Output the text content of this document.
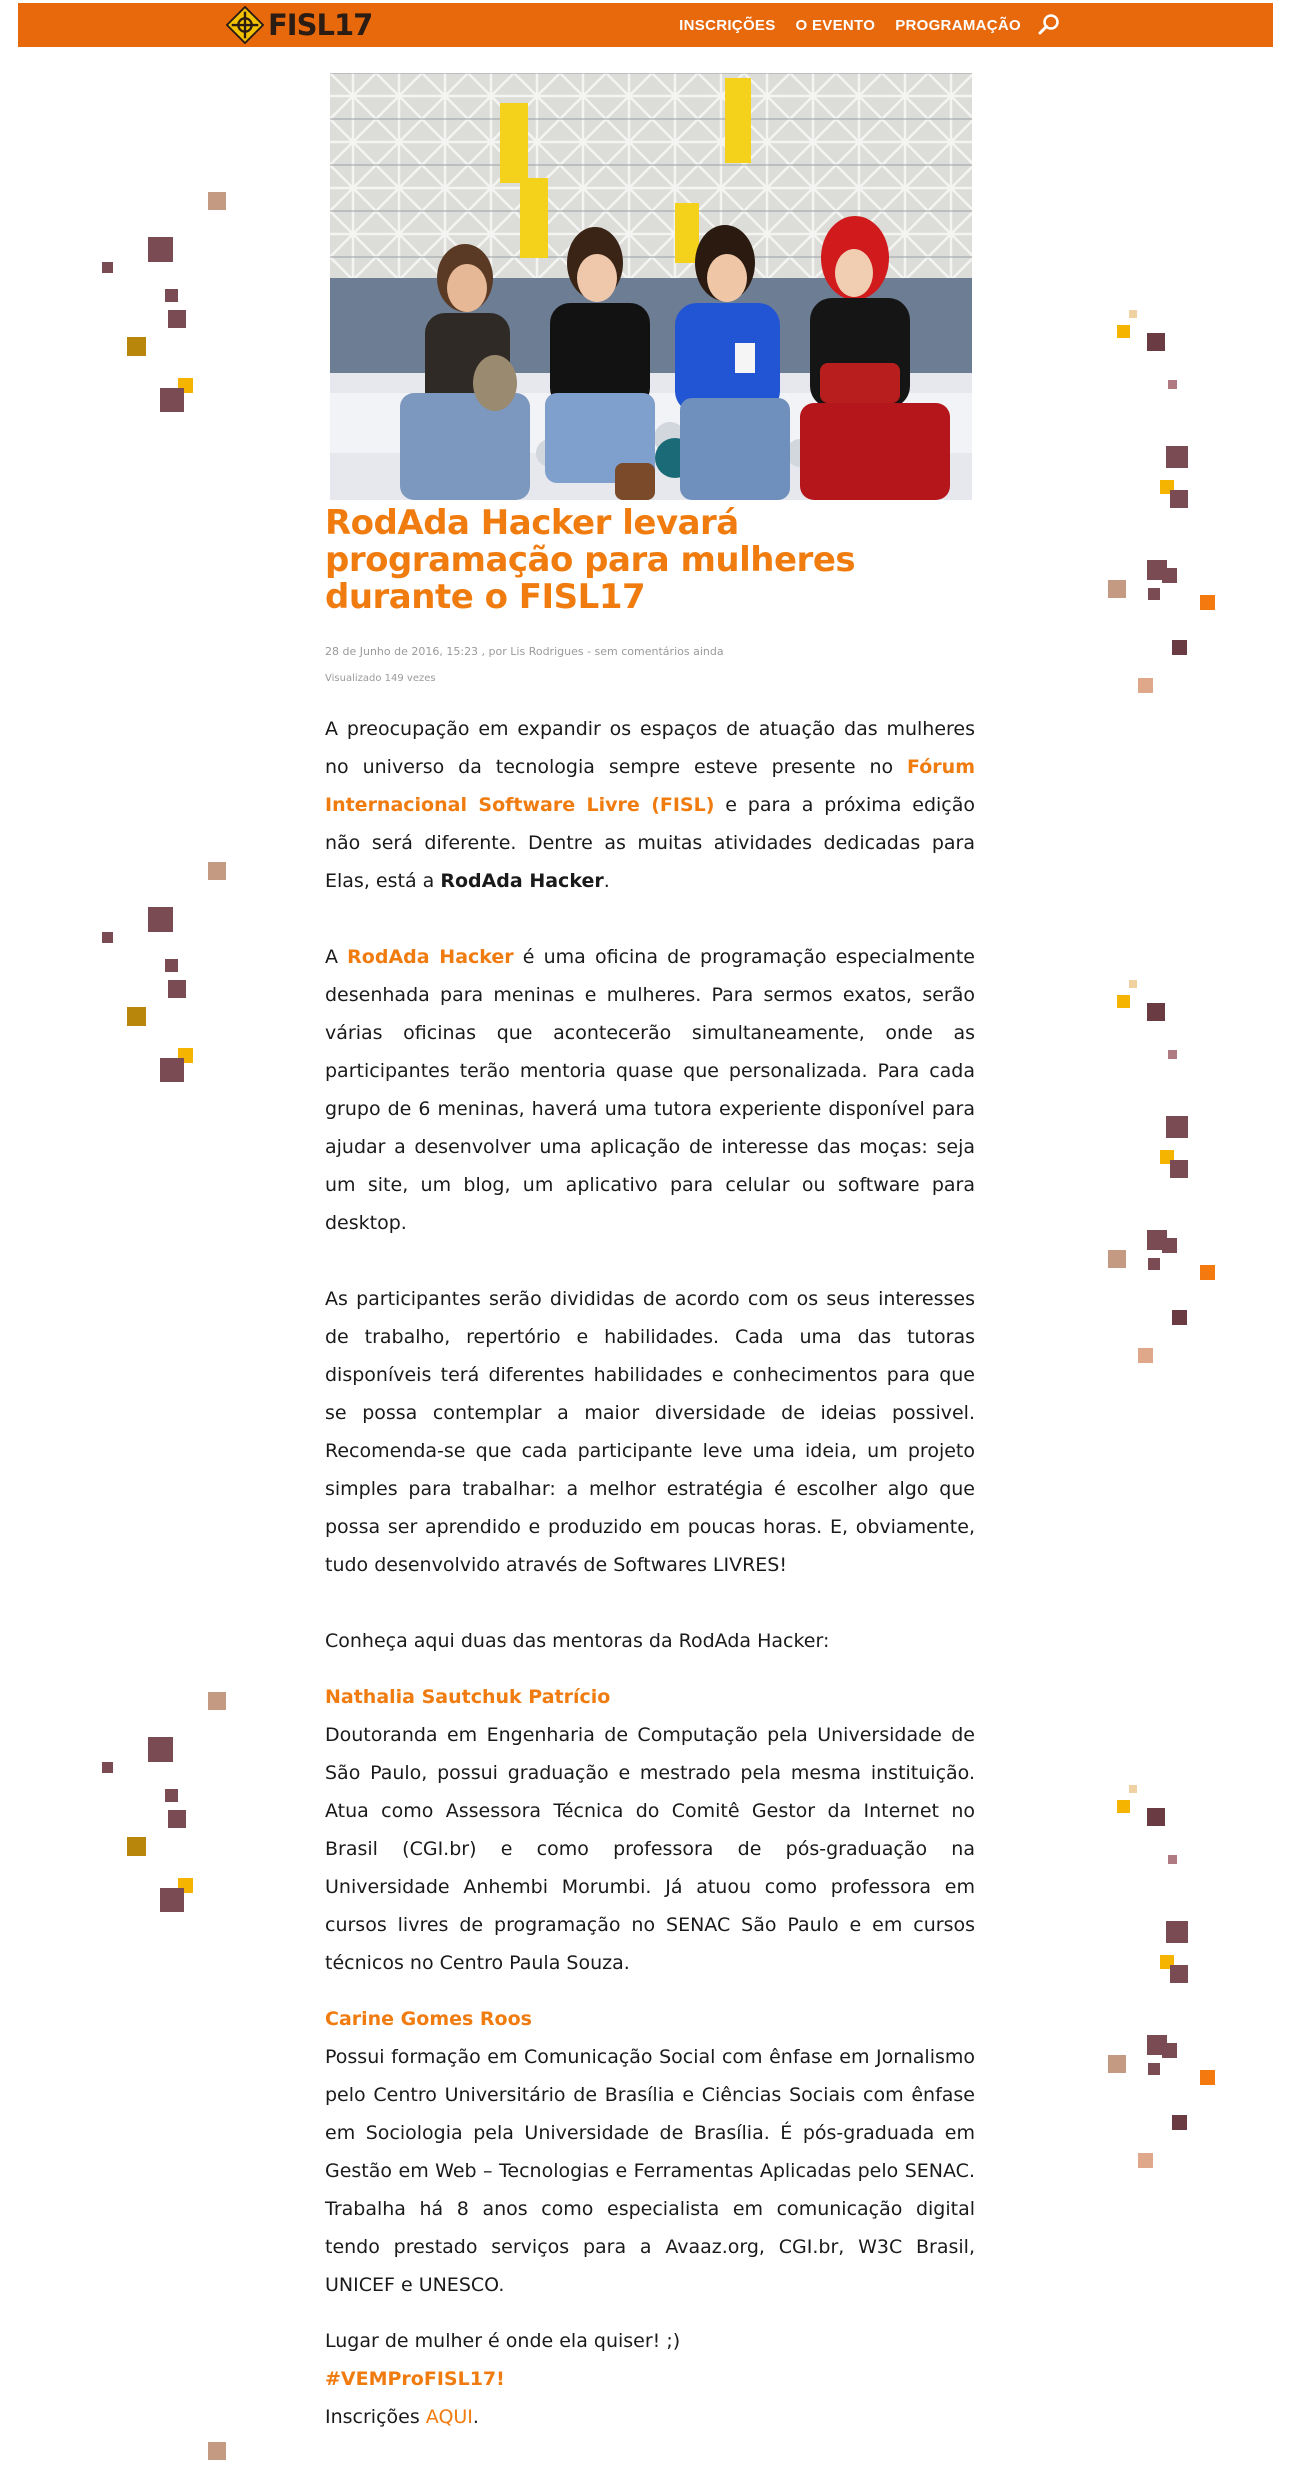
FISL17	INSCRIÇÕES O EVENTO PROGRAMAÇÃO
RodAda Hacker levará
programação para mulheres
durante o FISL17
28 de Junho de 2016, 15:23 , por Lis Rodrigues - sem comentários ainda
Visualizado 149 vezes

A preocupação em expandir os espaços de atuação das mulheres no universo da tecnologia sempre esteve presente no Fórum Internacional Software Livre (FISL) e para a próxima edição não será diferente. Dentre as muitas atividades dedicadas para Elas, está a RodAda Hacker.

A RodAda Hacker é uma oficina de programação especialmente desenhada para meninas e mulheres. Para sermos exatos, serão várias oficinas que acontecerão simultaneamente, onde as participantes terão mentoria quase que personalizada. Para cada grupo de 6 meninas, haverá uma tutora experiente disponível para ajudar a desenvolver uma aplicação de interesse das moças: seja um site, um blog, um aplicativo para celular ou software para desktop.

As participantes serão divididas de acordo com os seus interesses de trabalho, repertório e habilidades. Cada uma das tutoras disponíveis terá diferentes habilidades e conhecimentos para que se possa contemplar a maior diversidade de ideias possivel. Recomenda-se que cada participante leve uma ideia, um projeto simples para trabalhar: a melhor estratégia é escolher algo que possa ser aprendido e produzido em poucas horas. E, obviamente, tudo desenvolvido através de Softwares LIVRES!

Conheça aqui duas das mentoras da RodAda Hacker:

Nathalia Sautchuk Patrício

Doutoranda em Engenharia de Computação pela Universidade de São Paulo, possui graduação e mestrado pela mesma instituição. Atua como Assessora Técnica do Comitê Gestor da Internet no Brasil (CGI.br) e como professora de pós-graduação na Universidade Anhembi Morumbi. Já atuou como professora em cursos livres de programação no SENAC São Paulo e em cursos técnicos no Centro Paula Souza.

Carine Gomes Roos

Possui formação em Comunicação Social com ênfase em Jornalismo pelo Centro Universitário de Brasília e Ciências Sociais com ênfase em Sociologia pela Universidade de Brasília. É pós-graduada em Gestão em Web – Tecnologias e Ferramentas Aplicadas pelo SENAC. Trabalha há 8 anos como especialista em comunicação digital tendo prestado serviços para a Avaaz.org, CGI.br, W3C Brasil, UNICEF e UNESCO.

Lugar de mulher é onde ela quiser! ;)

#VEMProFISL17!

Inscrições AQUI.
